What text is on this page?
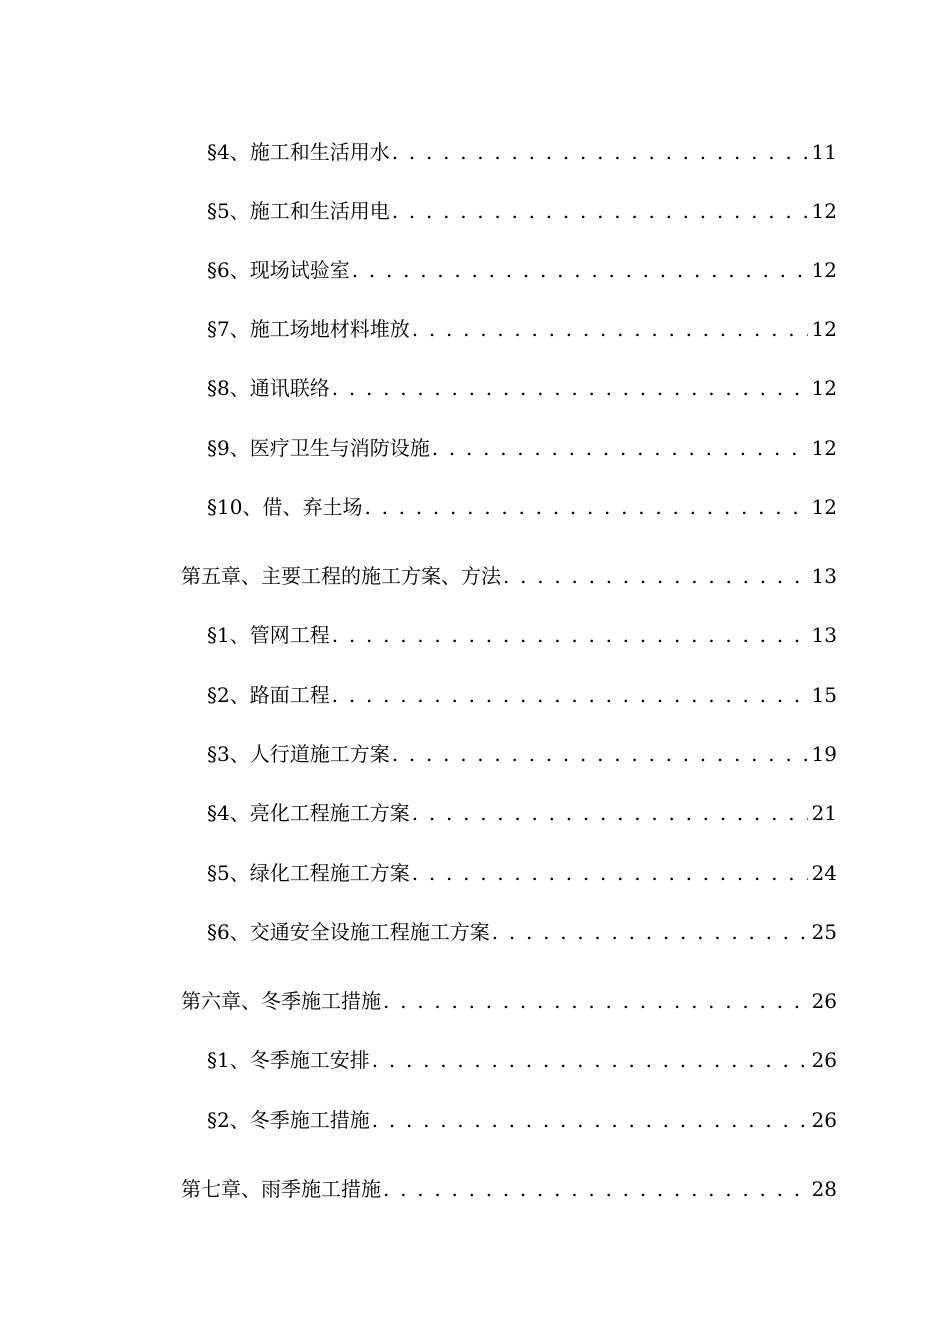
§4、施工和生活用水 . . .	11
§5、施工和生活用电 . . .	12
§6、现场试验室 . . .	12
§7、施工场地材料堆放 . . .	12
§8、通讯联络 . . .	12
§9、医疗卫生与消防设施 . . .	12
§10、借、弃土场 . . .	12
第五章、主要工程的施工方案、方法 . . .	13
§1、管网工程 . . .	13
§2、路面工程 . . .	15
§3、人行道施工方案 . . .	19
§4、亮化工程施工方案 . . .	21
§5、绿化工程施工方案 . . .	24
§6、交通安全设施工程施工方案 . . .	25
第六章、冬季施工措施 . . .	26
§1、冬季施工安排 . . .	26
§2、冬季施工措施 . . .	26
第七章、雨季施工措施 . . .	28
